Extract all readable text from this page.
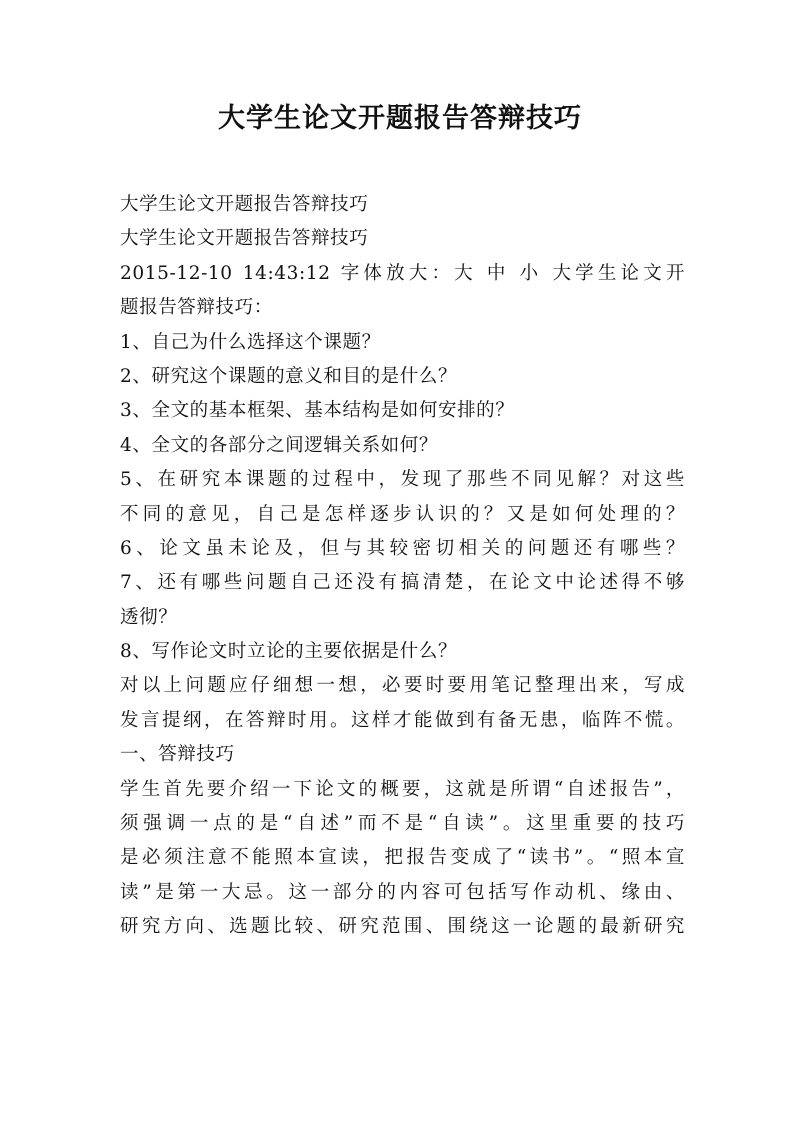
大学生论文开题报告答辩技巧
大学生论文开题报告答辩技巧
大学生论文开题报告答辩技巧
2015-12-10 14:43:12 字体放大：大 中 小 大学生论文开
题报告答辩技巧：
1、自己为什么选择这个课题？
2、研究这个课题的意义和目的是什么？
3、全文的基本框架、基本结构是如何安排的？
4、全文的各部分之间逻辑关系如何？
5、在研究本课题的过程中，发现了那些不同见解？对这些
不同的意见，自己是怎样逐步认识的？又是如何处理的？
6、论文虽未论及，但与其较密切相关的问题还有哪些？
7、还有哪些问题自己还没有搞清楚，在论文中论述得不够
透彻？
8、写作论文时立论的主要依据是什么？
对以上问题应仔细想一想，必要时要用笔记整理出来，写成
发言提纲，在答辩时用。这样才能做到有备无患，临阵不慌。
一、答辩技巧
学生首先要介绍一下论文的概要，这就是所谓“自述报告”，
须强调一点的是“自述”而不是“自读”。这里重要的技巧
是必须注意不能照本宣读，把报告变成了“读书”。“照本宣
读”是第一大忌。这一部分的内容可包括写作动机、缘由、
研究方向、选题比较、研究范围、围绕这一论题的最新研究
